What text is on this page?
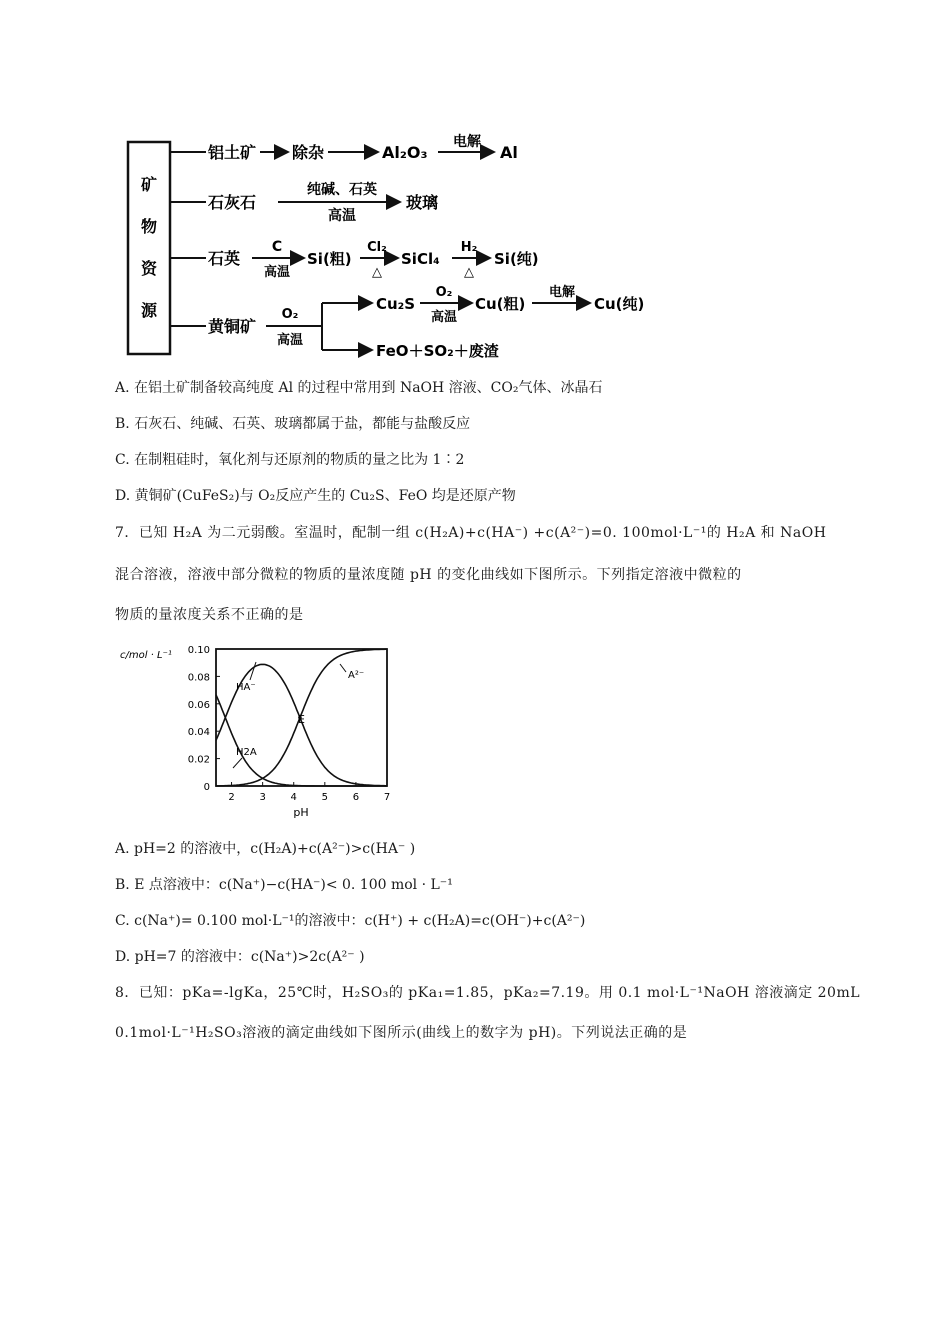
矿
物
资
源
铝土矿 除杂	Al₂O₃
电解
Al
石灰石
纯碱、石英
高温
玻璃
石英
C
高温
Si(粗)
Cl₂
△
SiCl₄
H₂
△
Si(纯)
黄铜矿
O₂
高温
Cu₂S
O₂
高温
Cu(粗)
电解
Cu(纯)
FeO＋SO₂＋废渣
A. 在铝土矿制备较高纯度 Al 的过程中常用到 NaOH 溶液、CO₂气体、冰晶石
B. 石灰石、纯碱、石英、玻璃都属于盐，都能与盐酸反应
C. 在制粗硅时，氧化剂与还原剂的物质的量之比为 1∶2
D. 黄铜矿(CuFeS₂)与 O₂反应产生的 Cu₂S、FeO 均是还原产物
7．已知 H₂A 为二元弱酸。室温时，配制一组 c(H₂A)+c(HA⁻) +c(A²⁻)=0. 100mol·L⁻¹的 H₂A 和 NaOH
混合溶液，溶液中部分微粒的物质的量浓度随 pH 的变化曲线如下图所示。下列指定溶液中微粒的
物质的量浓度关系不正确的是
c/mol · L⁻¹
pH
0
0.02
0.04
0.06
0.08
0.10
2 3 4 5 6 7
HA⁻
A²⁻
H2A
E
A. pH=2 的溶液中，c(H₂A)+c(A²⁻)>c(HA⁻ )
B. E 点溶液中：c(Na⁺)−c(HA⁻)< 0. 100 mol · L⁻¹
C. c(Na⁺)= 0.100 mol·L⁻¹的溶液中：c(H⁺) + c(H₂A)=c(OH⁻)+c(A²⁻)
D. pH=7 的溶液中：c(Na⁺)>2c(A²⁻ )
8．已知：pKa=-lgKa，25℃时，H₂SO₃的 pKa₁=1.85，pKa₂=7.19。用 0.1 mol·L⁻¹NaOH 溶液滴定 20mL
0.1mol·L⁻¹H₂SO₃溶液的滴定曲线如下图所示(曲线上的数字为 pH)。下列说法正确的是
